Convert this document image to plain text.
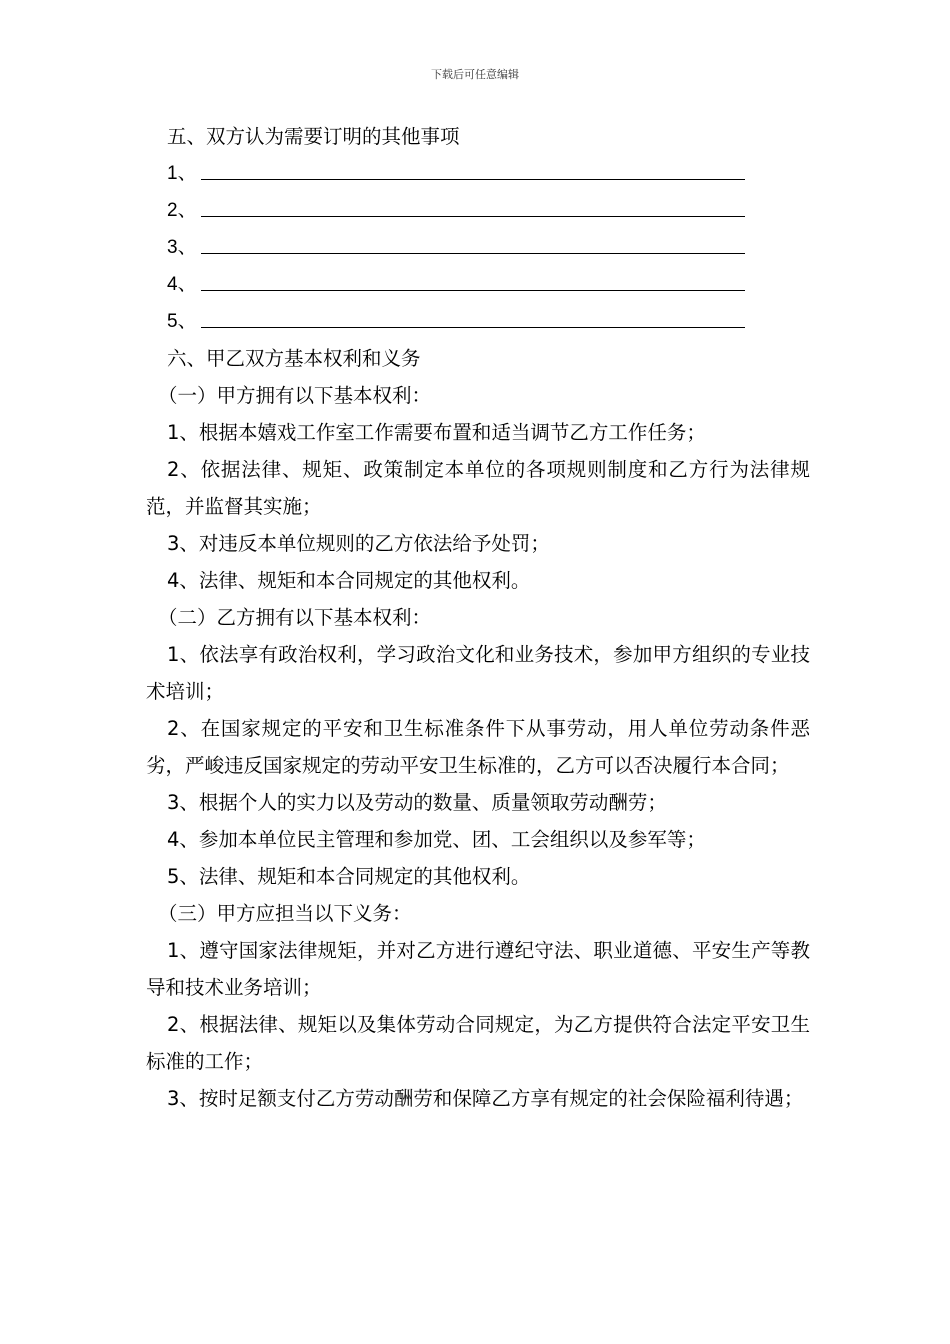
下载后可任意编辑

五、双方认为需要订明的其他事项

1、
2、
3、
4、
5、

六、甲乙双方基本权利和义务

（一）甲方拥有以下基本权利：

1、根据本嬉戏工作室工作需要布置和适当调节乙方工作任务；

2、依据法律、规矩、政策制定本单位的各项规则制度和乙方行为法律规范，并监督其实施；

3、对违反本单位规则的乙方依法给予处罚；

4、法律、规矩和本合同规定的其他权利。

（二）乙方拥有以下基本权利：

1、依法享有政治权利，学习政治文化和业务技术，参加甲方组织的专业技术培训；

2、在国家规定的平安和卫生标准条件下从事劳动，用人单位劳动条件恶劣，严峻违反国家规定的劳动平安卫生标准的，乙方可以否决履行本合同；

3、根据个人的实力以及劳动的数量、质量领取劳动酬劳；

4、参加本单位民主管理和参加党、团、工会组织以及参军等；

5、法律、规矩和本合同规定的其他权利。

（三）甲方应担当以下义务：

1、遵守国家法律规矩，并对乙方进行遵纪守法、职业道德、平安生产等教导和技术业务培训；

2、根据法律、规矩以及集体劳动合同规定，为乙方提供符合法定平安卫生标准的工作；

3、按时足额支付乙方劳动酬劳和保障乙方享有规定的社会保险福利待遇；
